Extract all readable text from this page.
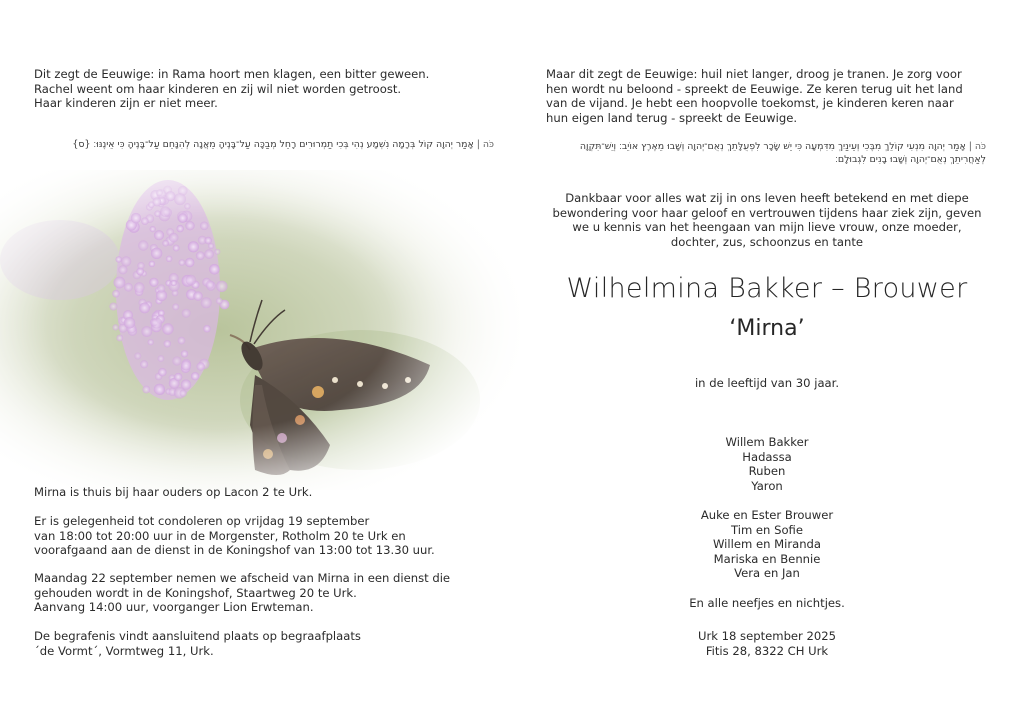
Dit zegt de Eeuwige: in Rama hoort men klagen, een bitter geween.

Rachel weent om haar kinderen en zij wil niet worden getroost.

Haar kinderen zijn er niet meer.

כֹּה | אָמַר יְהוָה קוֹל בְּרָמָה נִשְׁמָע נְהִי בְּכִי תַמְרוּרִים רָחֵל מְבַכָּה עַל־בָּנֶיהָ מֵאֲנָה לְהִנָּחֵם עַל־בָּנֶיהָ כִּי אֵינֶנּוּ׃ {ס}

Mirna is thuis bij haar ouders op Lacon 2 te Urk.

Er is gelegenheid tot condoleren op vrijdag 19 september

van 18:00 tot 20:00 uur in de Morgenster, Rotholm 20 te Urk en

voorafgaand aan de dienst in de Koningshof van 13:00 tot 13.30 uur.

Maandag 22 september nemen we afscheid van Mirna in een dienst die

gehouden wordt in de Koningshof, Staartweg 20 te Urk.

Aanvang 14:00 uur, voorganger Lion Erwteman.

De begrafenis vindt aansluitend plaats op begraafplaats

´de Vormt´, Vormtweg 11, Urk.

Maar dit zegt de Eeuwige: huil niet langer, droog je tranen. Je zorg voor

hen wordt nu beloond - spreekt de Eeuwige. Ze keren terug uit het land

van de vijand. Je hebt een hoopvolle toekomst, je kinderen keren naar

hun eigen land terug - spreekt de Eeuwige.

כֹּה | אָמַר יְהוָה מִנְעִי קוֹלֵךְ מִבֶּכִי וְעֵינַיִךְ מִדִּמְעָה כִּי יֵשׁ שָׂכָר לִפְעֻלָּתֵךְ נְאֻם־יְהוָה וְשָׁבוּ מֵאֶרֶץ אוֹיֵב׃ וְיֵשׁ־תִּקְוָה
לְאַחֲרִיתֵךְ נְאֻם־יְהוָה וְשָׁבוּ בָנִים לִגְבוּלָם׃

Dankbaar voor alles wat zij in ons leven heeft betekend en met diepe

bewondering voor haar geloof en vertrouwen tijdens haar ziek zijn, geven

we u kennis van het heengaan van mijn lieve vrouw, onze moeder,

dochter, zus, schoonzus en tante

Wilhelmina Bakker – Brouwer
‘Mirna’

in de leeftijd van 30 jaar.

Willem Bakker

Hadassa

Ruben

Yaron

Auke en Ester Brouwer

Tim en Sofie

Willem en Miranda

Mariska en Bennie

Vera en Jan

En alle neefjes en nichtjes.

Urk 18 september 2025

Fitis 28, 8322 CH Urk
